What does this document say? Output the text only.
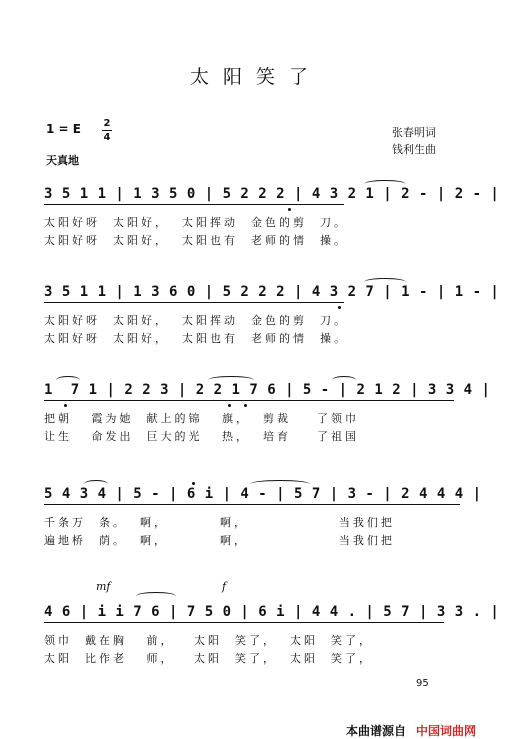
太阳笑了
1 = E 2
4	张春明词
钱利生曲
天真地
3 5 1 1 | 1 3 5 0 | 5 2 2 2 | 4 3 2 1 | 2 - | 2 - |
太阳好呀  太阳好，  太阳挥动  金色的剪  刀。
太阳好呀  太阳好，  太阳也有  老师的情  操。
3 5 1 1 | 1 3 6 0 | 5 2 2 2 | 4 3 2 7 | 1 - | 1 - |
太阳好呀  太阳好，  太阳挥动  金色的剪  刀。
太阳好呀  太阳好，  太阳也有  老师的情  操。
1  7 1 | 2 2 3 | 2 2 1 7 6 | 5 - | 2 1 2 | 3 3 4 |
把朝   霞为她  献上的锦   旗，  剪裁    了领巾
让生   命发出  巨大的光   热，  培育    了祖国
5 4 3 4 | 5 - | 6 i | 4 - | 5 7 | 3 - | 2 4 4 4 |
千条万  条。  啊，        啊，              当我们把
遍地桥  荫。  啊，        啊，              当我们把
mf	f
4 6 | i i 7 6 | 7 5 0 | 6 i | 4 4 . | 5 7 | 3 3 . |
领巾  戴在胸   前，   太阳  笑了，  太阳  笑了，
太阳  比作老   师，   太阳  笑了，  太阳  笑了，
95
本曲谱源自 中国词曲网
